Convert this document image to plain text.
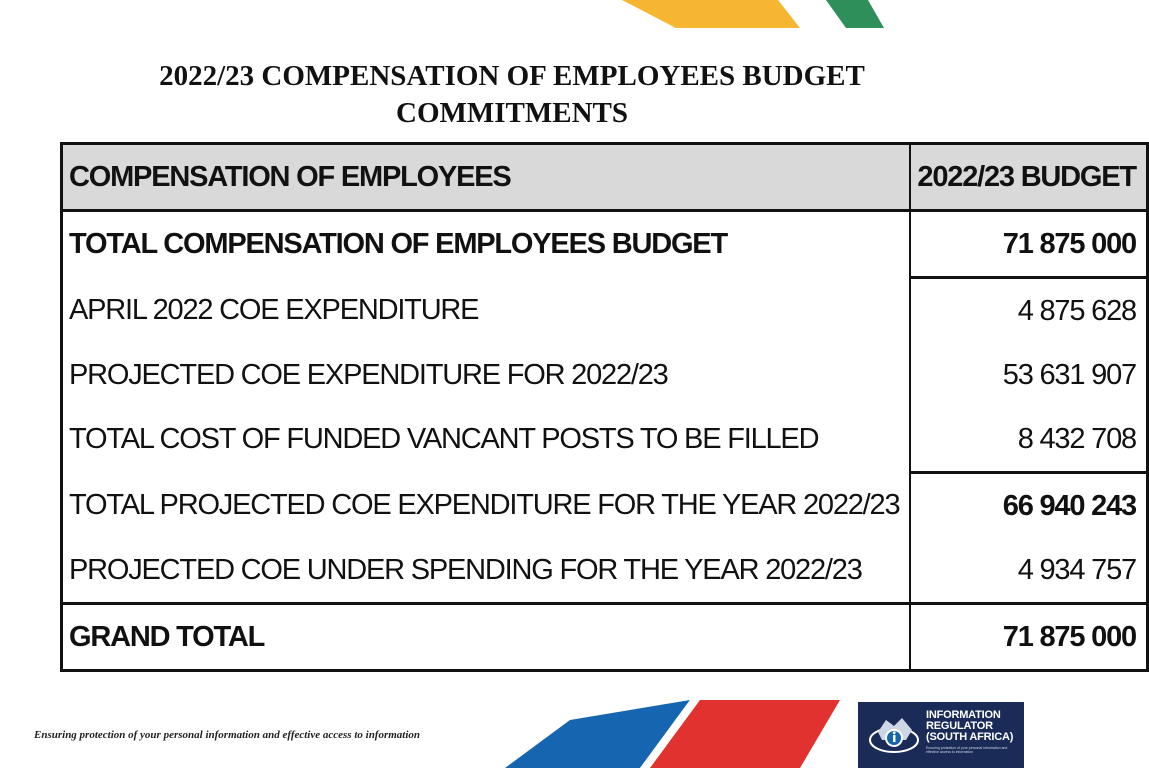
2022/23 COMPENSATION OF EMPLOYEES BUDGET
COMMITMENTS
COMPENSATION OF EMPLOYEES	2022/23 BUDGET
TOTAL COMPENSATION OF EMPLOYEES BUDGET	71 875 000
APRIL 2022 COE EXPENDITURE	4 875 628
PROJECTED COE EXPENDITURE FOR 2022/23	53 631 907
TOTAL COST OF FUNDED VANCANT POSTS TO BE FILLED	8 432 708
TOTAL PROJECTED COE EXPENDITURE FOR THE YEAR 2022/23	66 940 243
PROJECTED COE UNDER SPENDING FOR THE YEAR 2022/23	4 934 757
GRAND TOTAL	71 875 000
Ensuring protection of your personal information and effective access to information
INFORMATION
REGULATOR
(SOUTH AFRICA)
Ensuring protection of your personal information and effective access to information
